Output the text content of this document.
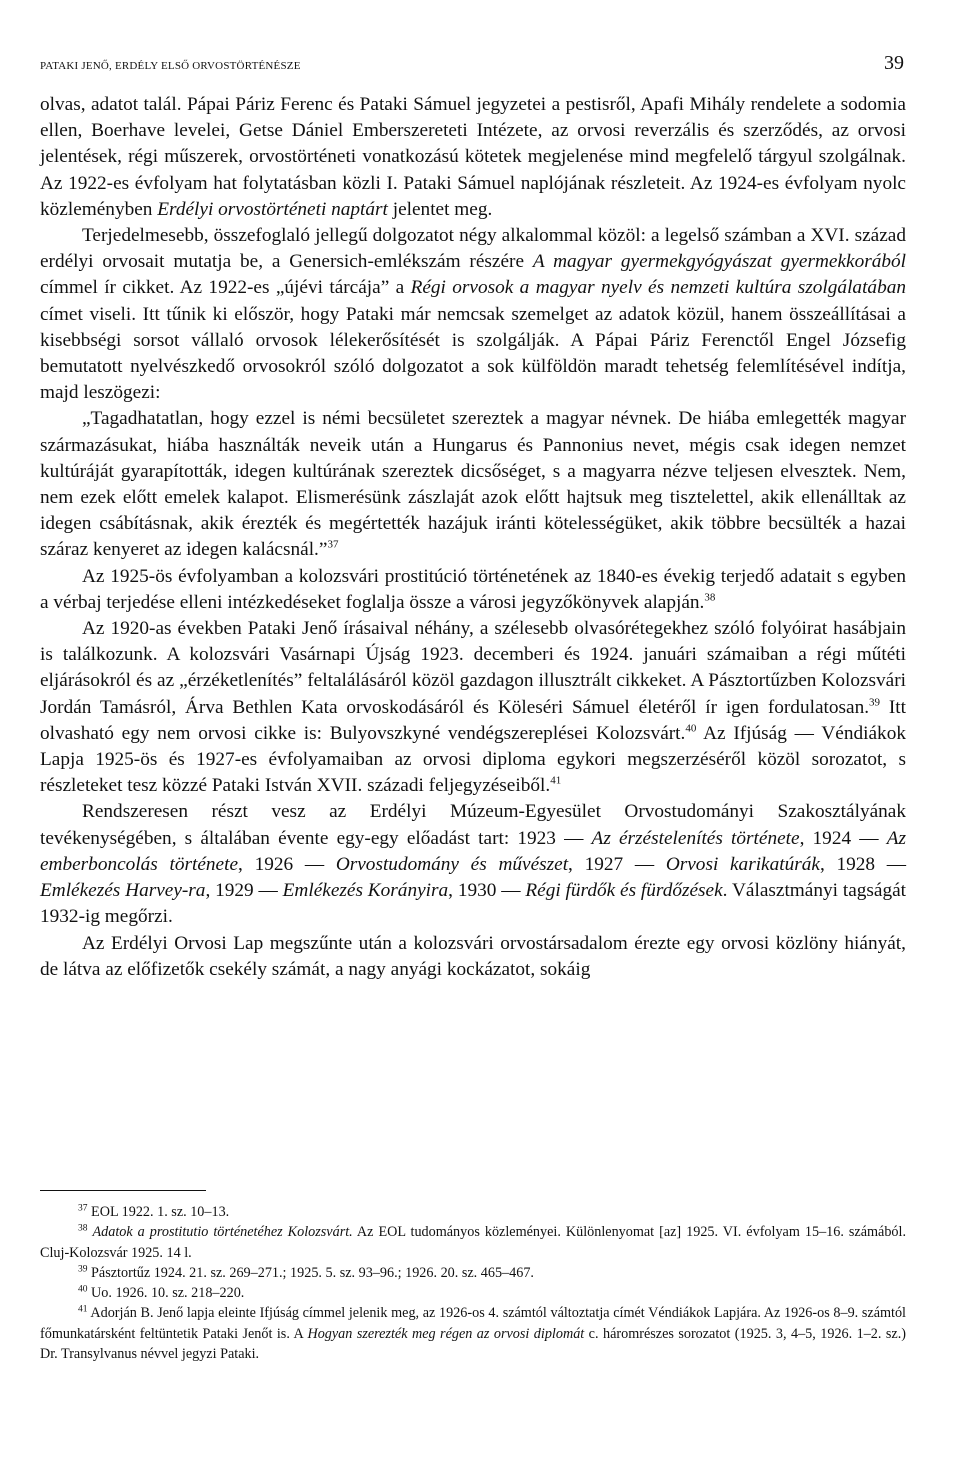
PATAKI JENŐ, ERDÉLY ELSŐ ORVOSTÖRTÉNÉSZE	39

olvas, adatot talál. Pápai Páriz Ferenc és Pataki Sámuel jegyzetei a pestisről, Apafi Mihály rendelete a sodomia ellen, Boerhave levelei, Getse Dániel Emberszereteti Intézete, az orvosi reverzális és szerződés, az orvosi jelentések, régi műszerek, orvostörténeti vonatkozású kötetek megjelenése mind megfelelő tárgyul szolgálnak. Az 1922-es évfolyam hat folytatásban közli I. Pataki Sámuel naplójának részleteit. Az 1924-es évfolyam nyolc közleményben Erdélyi orvostörténeti naptárt jelentet meg.

Terjedelmesebb, összefoglaló jellegű dolgozatot négy alkalommal közöl: a legelső számban a XVI. század erdélyi orvosait mutatja be, a Genersich-emlékszám részére A magyar gyermekgyógyászat gyermekkorából címmel ír cikket. Az 1922-es „újévi tárcája” a Régi orvosok a magyar nyelv és nemzeti kultúra szolgálatában címet viseli. Itt tűnik ki először, hogy Pataki már nemcsak szemelget az adatok közül, hanem összeállításai a kisebbségi sorsot vállaló orvosok lélekerősítését is szolgálják. A Pápai Páriz Ferenctől Engel Józsefig bemutatott nyelvészkedő orvosokról szóló dolgozatot a sok külföldön maradt tehetség felemlítésével indítja, majd leszögezi:

„Tagadhatatlan, hogy ezzel is némi becsületet szereztek a magyar névnek. De hiába emlegették magyar származásukat, hiába használták neveik után a Hungarus és Pannonius nevet, mégis csak idegen nemzet kultúráját gyarapították, idegen kultúrának szereztek dicsőséget, s a magyarra nézve teljesen elvesztek. Nem, nem ezek előtt emelek kalapot. Elismerésünk zászlaját azok előtt hajtsuk meg tisztelettel, akik ellenálltak az idegen csábításnak, akik érezték és megértették hazájuk iránti kötelességüket, akik többre becsülték a hazai száraz kenyeret az idegen kalácsnál.”$^{37}$

Az 1925-ös évfolyamban a kolozsvári prostitúció történetének az 1840-es évekig terjedő adatait s egyben a vérbaj terjedése elleni intézkedéseket foglalja össze a városi jegyzőkönyvek alapján.$^{38}$

Az 1920-as években Pataki Jenő írásaival néhány, a szélesebb olvasórétegekhez szóló folyóirat hasábjain is találkozunk. A kolozsvári Vasárnapi Újság 1923. decemberi és 1924. januári számaiban a régi műtéti eljárásokról és az „érzéketlenítés” feltalálásáról közöl gazdagon illusztrált cikkeket. A Pásztortűzben Kolozsvári Jordán Tamásról, Árva Bethlen Kata orvoskodásáról és Köleséri Sámuel életéről ír igen fordulatosan.$^{39}$ Itt olvasható egy nem orvosi cikke is: Bulyovszkyné vendégszereplései Kolozsvárt.$^{40}$ Az Ifjúság — Véndiákok Lapja 1925-ös és 1927-es évfolyamaiban az orvosi diploma egykori megszerzéséről közöl sorozatot, s részleteket tesz közzé Pataki István XVII. századi feljegyzéseiből.$^{41}$

Rendszeresen részt vesz az Erdélyi Múzeum-Egyesület Orvostudományi Szakosztályának tevékenységében, s általában évente egy-egy előadást tart: 1923 — Az érzéstelenítés története, 1924 — Az emberboncolás története, 1926 — Orvostudomány és művészet, 1927 — Orvosi karikatúrák, 1928 — Emlékezés Harvey-ra, 1929 — Emlékezés Korányira, 1930 — Régi fürdők és fürdőzések. Választmányi tagságát 1932-ig megőrzi.

Az Erdélyi Orvosi Lap megszűnte után a kolozsvári orvostársadalom érezte egy orvosi közlöny hiányát, de látva az előfizetők csekély számát, a nagy anyági kockázatot, sokáig

$^{37}$ EOL 1922. 1. sz. 10–13.

$^{38}$ Adatok a prostitutio történetéhez Kolozsvárt. Az EOL tudományos közleményei. Különlenyomat [az] 1925. VI. évfolyam 15–16. számából. Cluj-Kolozsvár 1925. 14 l.

$^{39}$ Pásztortűz 1924. 21. sz. 269–271.; 1925. 5. sz. 93–96.; 1926. 20. sz. 465–467.

$^{40}$ Uo. 1926. 10. sz. 218–220.

$^{41}$ Adorján B. Jenő lapja eleinte Ifjúság címmel jelenik meg, az 1926-os 4. számtól változtatja címét Véndiákok Lapjára. Az 1926-os 8–9. számtól főmunkatársként feltüntetik Pataki Jenőt is. A Hogyan szerezték meg régen az orvosi diplomát c. háromrészes sorozatot (1925. 3, 4–5, 1926. 1–2. sz.) Dr. Transylvanus névvel jegyzi Pataki.
